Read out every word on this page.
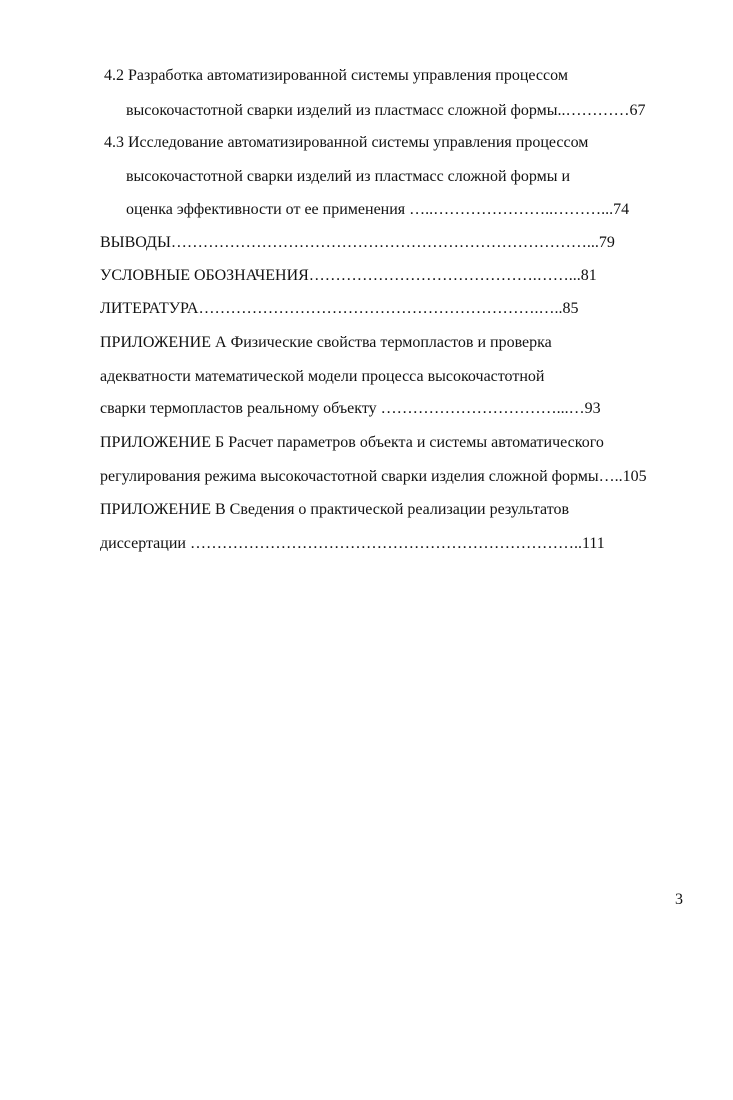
4.2 Разработка автоматизированной системы управления процессом
высокочастотной сварки изделий из пластмасс сложной формы..…………67
4.3 Исследование автоматизированной системы управления процессом
высокочастотной сварки изделий из пластмасс сложной формы и
оценка эффективности от ее применения …..…………………..………...74
ВЫВОДЫ……………………………………………………………………...79
УСЛОВНЫЕ ОБОЗНАЧЕНИЯ…………………………………….……...81
ЛИТЕРАТУРА……………………………………………………….…..85
ПРИЛОЖЕНИЕ А Физические свойства термопластов и проверка
адекватности математической модели процесса высокочастотной
сварки термопластов реальному объекту ……………………………...…93
ПРИЛОЖЕНИЕ Б Расчет параметров объекта и системы автоматического
регулирования режима высокочастотной сварки изделия сложной формы…..105
ПРИЛОЖЕНИЕ В Сведения о практической реализации результатов
диссертации ………………………………………………………………..111
3
